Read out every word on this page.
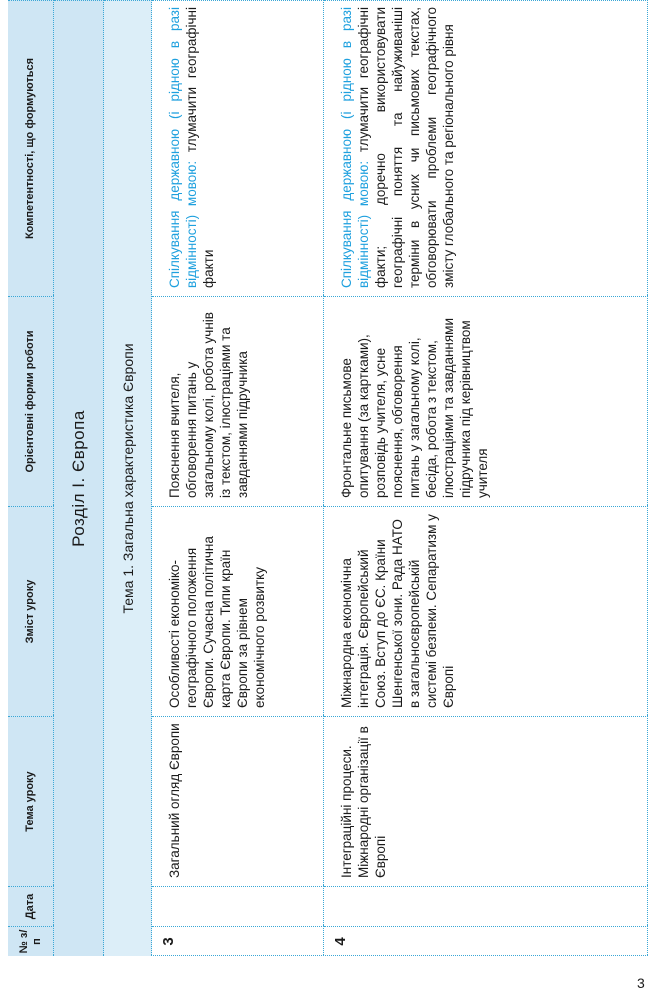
№ з/п
Дата
Тема уроку
Зміст уроку
Орієнтовні форми роботи
Компетентності, що формуються
Розділ І. Європа Тема 1. Загальна характеристика Європи
3
Загальний огляд Європи
Особливості економіко-географічного положення Європи. Сучасна політична карта Європи. Типи країн Європи за рівнем економічного розвитку
Пояснення вчителя, обговорення питань у загальному колі, робота учнів із текстом, ілюстраціями та завданнями підручника
Спілкування державною (і рідною в разі відмінності) мовою: тлумачити географічні факти
4
Інтеграційні процеси. Міжнародні організації в Європі
Міжнародна економічна інтеграція. Європейський Союз. Вступ до ЄС. Країни Шенгенської зони. Рада НАТО в загальноєвропейській системі безпеки. Сепаратизм у Європі
Фронтальне письмове опитування (за картками), розповідь учителя, усне пояснення, обговорення питань у загальному колі, бесіда, робота з текстом, ілюстраціями та завданнями підручника під керівництвом учителя
Спілкування державною (і рідною в разі відмінності) мовою: тлумачити географічні факти; доречно використовувати географічні поняття та найуживаніші терміни в усних чи письмових текстах, обговорювати проблеми географічного змісту глобального та регіонального рівня
3
